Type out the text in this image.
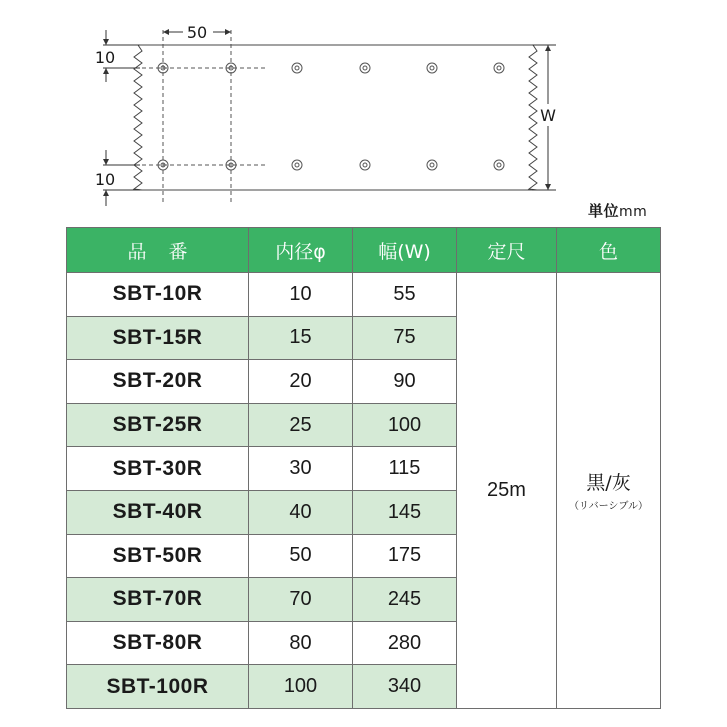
50
10
10
W
単位mm
品番	内径φ	幅(W)	定尺	色
SBT-10R	10	55	25m	黒/灰
（リバーシブル）

SBT-15R	15	75		
SBT-20R	20	90		
SBT-25R	25	100		
SBT-30R	30	115		
SBT-40R	40	145		
SBT-50R	50	175		
SBT-70R	70	245		
SBT-80R	80	280		
SBT-100R	100	340		
